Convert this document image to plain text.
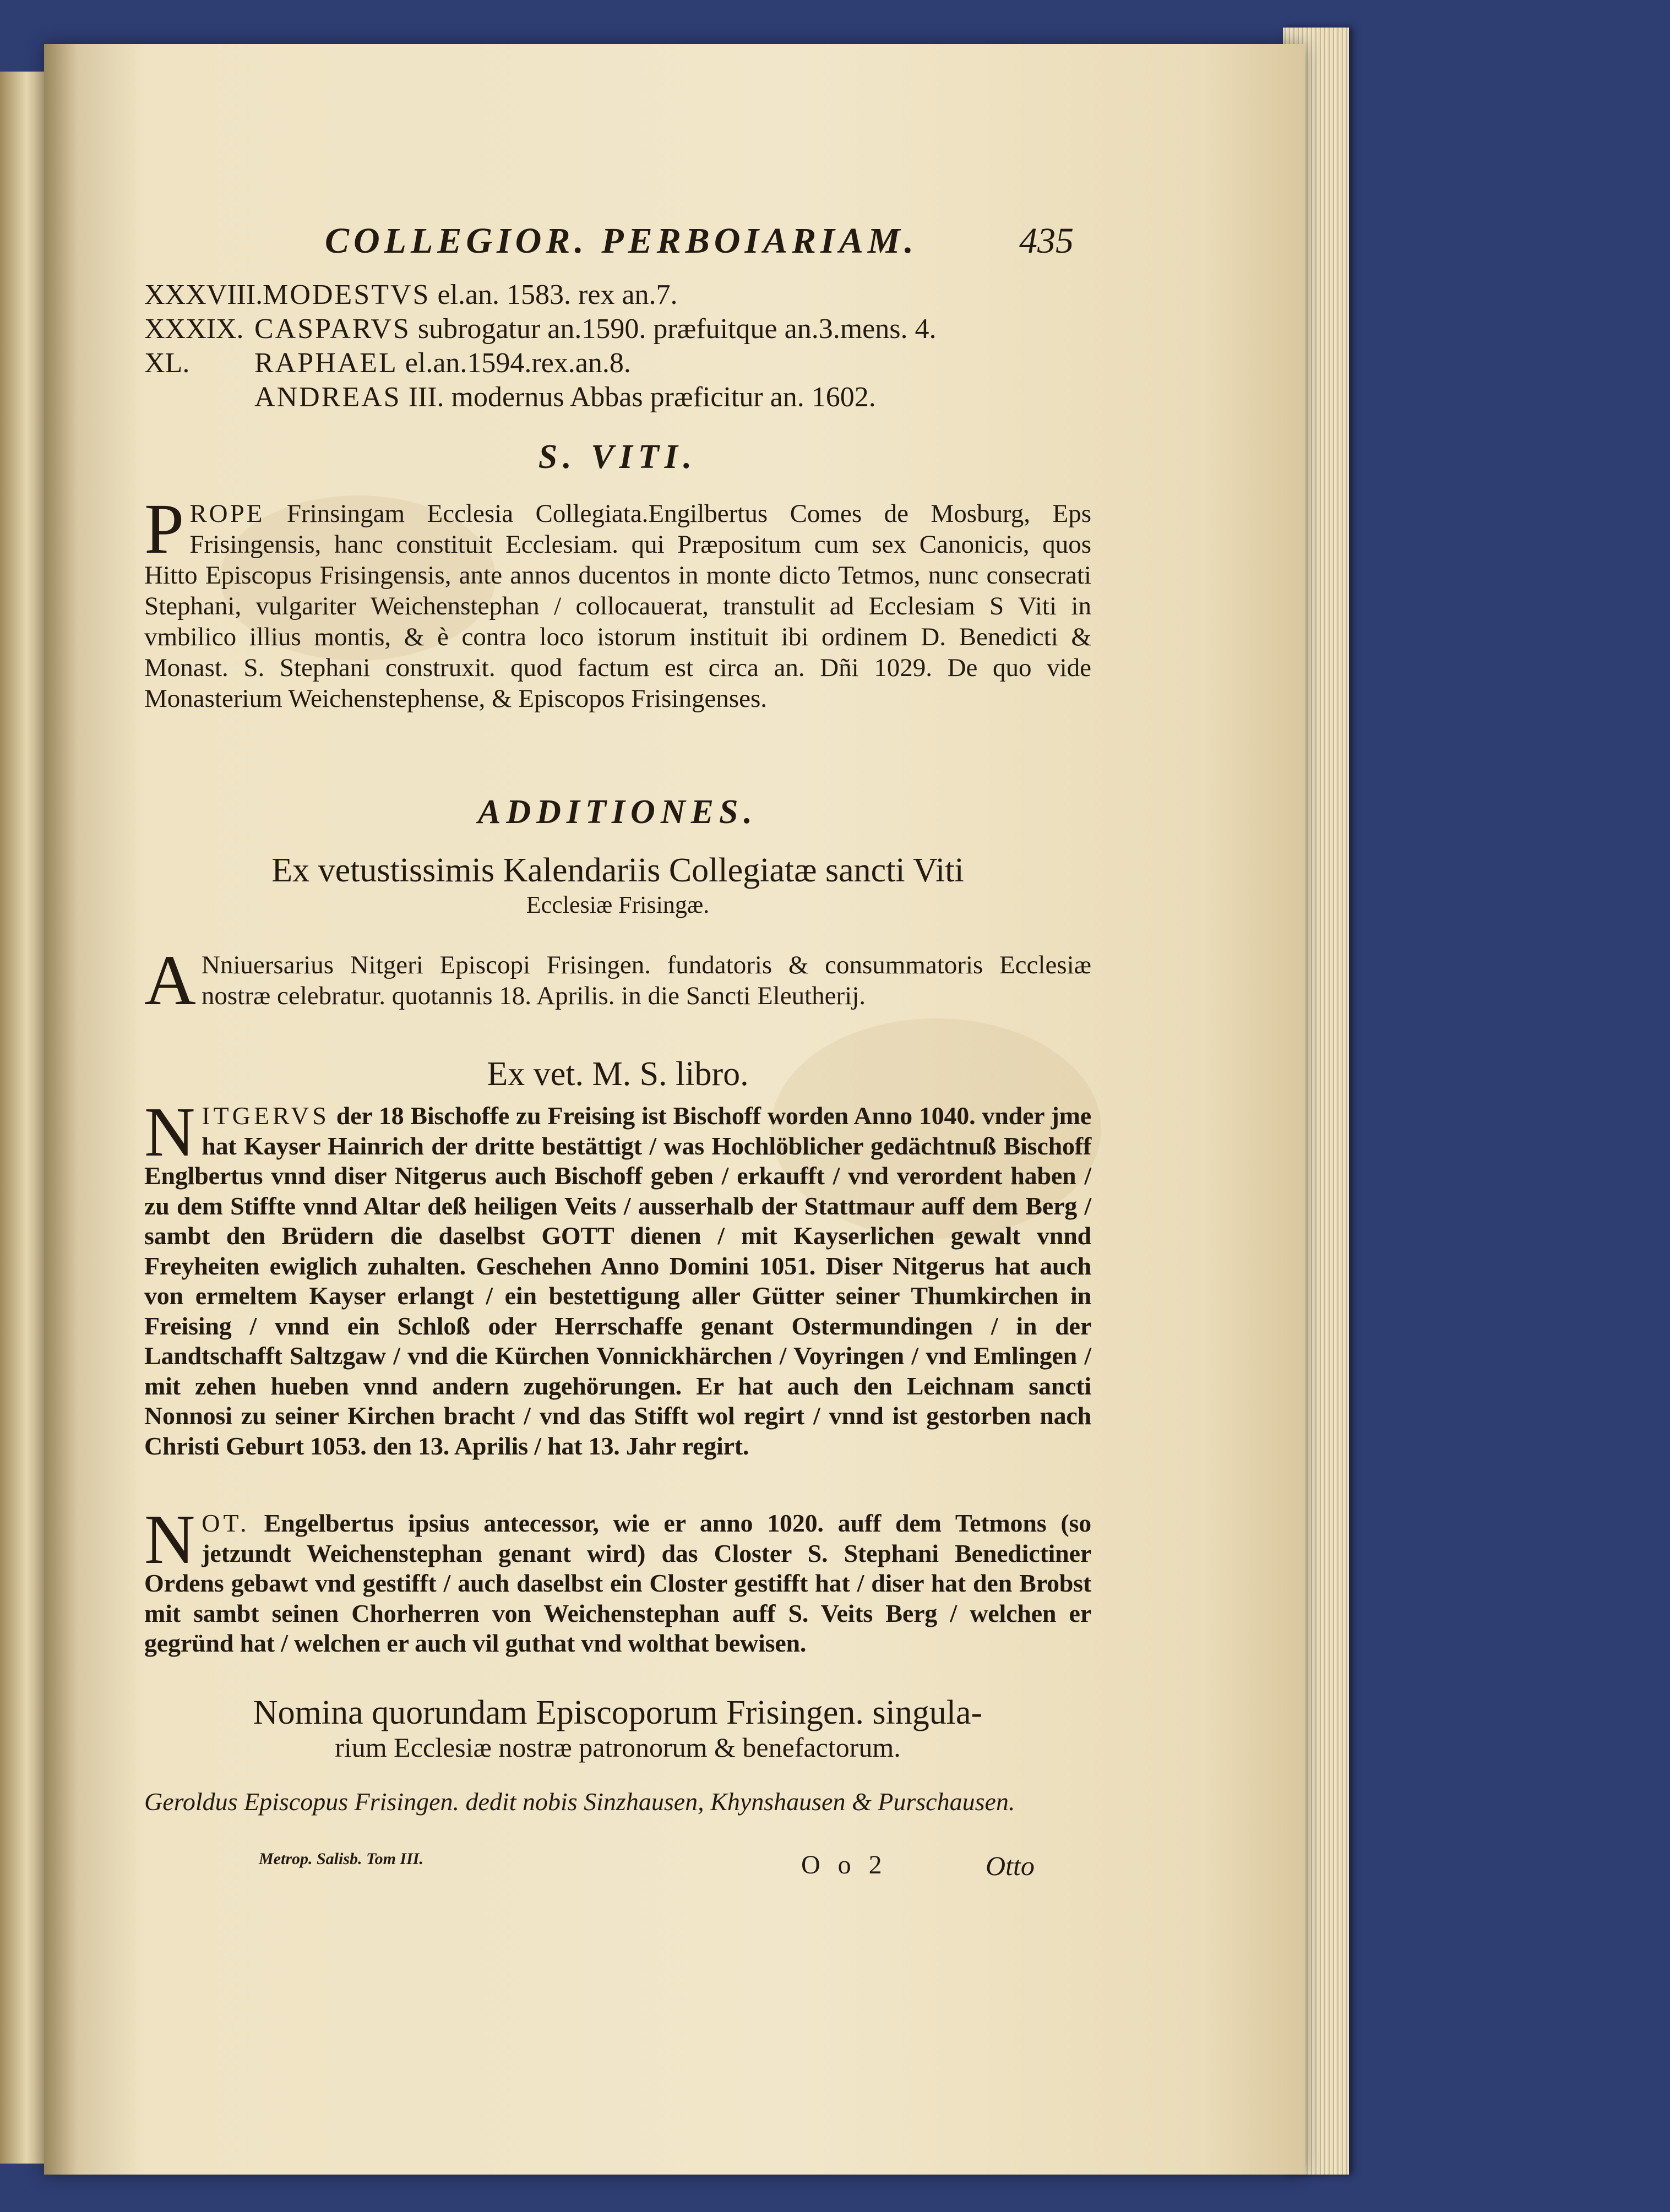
COLLEGIOR. PERBOIARIAM.	435
XXXVIII.MODESTVS el.an. 1583. rex an.7.
XXXIX. CASPARVS subrogatur an.1590. præfuitque an.3.mens. 4.
XL. RAPHAEL el.an.1594.rex.an.8.
ANDREAS III. modernus Abbas præficitur an. 1602.
S. VITI.
PROPE Frinsingam Ecclesia Collegiata.Engilbertus Comes de Mosburg, Eps Frisingensis, hanc constituit Ecclesiam. qui Præpositum cum sex Canonicis, quos Hitto Episcopus Frisingensis, ante annos ducentos in monte dicto Tetmos, nunc consecrati Stephani, vulgariter Weichenstephan / collocauerat, transtulit ad Ecclesiam S Viti in vmbilico illius montis, & è contra loco istorum instituit ibi ordinem D. Benedicti & Monast. S. Stephani construxit. quod factum est circa an. Dñi 1029. De quo vide Monasterium Weichenstephense, & Episcopos Frisingenses.
ADDITIONES.
Ex vetustissimis Kalendariis Collegiatæ sancti Viti
Ecclesiæ Frisingæ.
A Nniuersarius Nitgeri Episcopi Frisingen. fundatoris & consummatoris Ecclesiæ nostræ celebratur. quotannis 18. Aprilis. in die Sancti Eleutherij.
Ex vet. M. S. libro.
NITGERVS der 18 Bischoffe zu Freising ist Bischoff worden Anno 1040. vnder jme hat Kayser Hainrich der dritte bestättigt / was Hochlöblicher gedächtnuß Bischoff Englbertus vnnd diser Nitgerus auch Bischoff geben / erkaufft / vnd verordent haben / zu dem Stiffte vnnd Altar deß heiligen Veits / ausserhalb der Stattmaur auff dem Berg / sambt den Brüdern die daselbst GOTT dienen / mit Kayserlichen gewalt vnnd Freyheiten ewiglich zuhalten. Geschehen Anno Domini 1051. Diser Nitgerus hat auch von ermeltem Kayser erlangt / ein bestettigung aller Gütter seiner Thumkirchen in Freising / vnnd ein Schloß oder Herrschaffe genant Ostermundingen / in der Landtschafft Saltzgaw / vnd die Kürchen Vonnickhärchen / Voyringen / vnd Emlingen / mit zehen hueben vnnd andern zugehörungen. Er hat auch den Leichnam sancti Nonnosi zu seiner Kirchen bracht / vnd das Stifft wol regirt / vnnd ist gestorben nach Christi Geburt 1053. den 13. Aprilis / hat 13. Jahr regirt.
NOT. Engelbertus ipsius antecessor, wie er anno 1020. auff dem Tetmons (so jetzundt Weichenstephan genant wird) das Closter S. Stephani Benedictiner Ordens gebawt vnd gestifft / auch daselbst ein Closter gestifft hat / diser hat den Brobst mit sambt seinen Chorherren von Weichenstephan auff S. Veits Berg / welchen er gegründ hat / welchen er auch vil guthat vnd wolthat bewisen.
Nomina quorundam Episcoporum Frisingen. singula-
rium Ecclesiæ nostræ patronorum & benefactorum.
Geroldus Episcopus Frisingen. dedit nobis Sinzhausen, Khynshausen & Purschausen.
Metrop. Salisb. Tom III.	O o 2	Otto
